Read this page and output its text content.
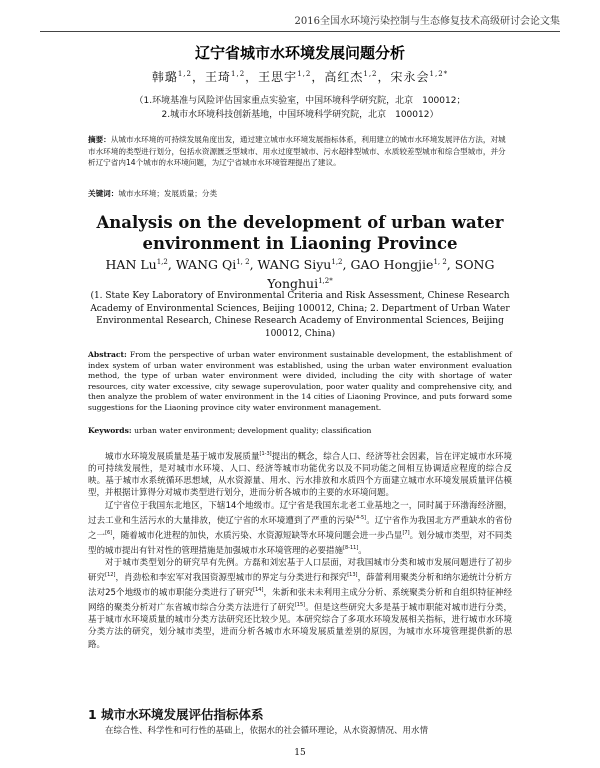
2016全国水环境污染控制与生态修复技术高级研讨会论文集
辽宁省城市水环境发展问题分析
韩璐$^{1,2}$，王琦$^{1,2}$，王思宇$^{1,2}$，高红杰$^{1,2}$，宋永会$^{1,2*}$
（1.环境基准与风险评估国家重点实验室，中国环境科学研究院，北京　100012；
2.城市水环境科技创新基地，中国环境科学研究院，北京　100012）
摘要：从城市水环境的可持续发展角度出发，通过建立城市水环境发展指标体系，利用建立的城市水环境发展评估方法，对城市水环境的类型进行划分，包括水资源匮乏型城市、用水过度型城市、污水超排型城市、水质较差型城市和综合型城市，并分析辽宁省内14个城市的水环境问题，为辽宁省城市水环境管理提出了建议。
关键词：城市水环境；发展质量；分类
Analysis on the development of urban water environment in Liaoning Province
HAN Lu$^{1,2}$, WANG Qi$^{1, 2}$, WANG Siyu$^{1,2}$, GAO Hongjie$^{1, 2}$, SONG Yonghui$^{1,2*}$
(1. State Key Laboratory of Environmental Criteria and Risk Assessment, Chinese Research Academy of Environmental Sciences, Beijing 100012, China; 2. Department of Urban Water Environmental Research, Chinese Research Academy of Environmental Sciences, Beijing 100012, China)
Abstract: From the perspective of urban water environment sustainable development, the establishment of index system of urban water environment was established, using the urban water environment evaluation method, the type of urban water environment were divided, including the city with shortage of water resources, city water excessive, city sewage superovulation, poor water quality and comprehensive city, and then analyze the problem of water environment in the 14 cities of Liaoning Province, and puts forward some suggestions for the Liaoning province city water environment management.
Keywords: urban water environment; development quality; classification

城市水环境发展质量是基于城市发展质量[1-3]提出的概念，综合人口、经济等社会因素，旨在评定城市水环境的可持续发展性，是对城市水环境、人口、经济等城市功能优劣以及不同功能之间相互协调适应程度的综合反映。基于城市水系统循环思想域，从水资源量、用水、污水排放和水质四个方面建立城市水环境发展质量评估模型，并根据计算得分对城市类型进行划分，进而分析各城市的主要的水环境问题。

辽宁省位于我国东北地区，下辖14个地级市。辽宁省是我国东北老工业基地之一，同时属于环渤海经济圈，过去工业和生活污水的大量排放，使辽宁省的水环境遭到了严重的污染[4-5]。辽宁省作为我国北方严重缺水的省份之一[6]，随着城市化进程的加快，水质污染、水资源短缺等水环境问题会进一步凸显[7]。划分城市类型，对不同类型的城市提出有针对性的管理措施是加强城市水环境管理的必要措施[8-11]。

对于城市类型划分的研究早有先例。方磊和刘宏基于人口层面，对我国城市分类和城市发展问题进行了初步研究[12]，肖劲松和李宏军对我国资源型城市的界定与分类进行和探究[13]，薛蕾利用聚类分析和纳尔逊统计分析方法对25个地级市的城市职能分类进行了研究[14]，朱新和张未未利用主成分分析、系统聚类分析和自组织特征神经网络的聚类分析对广东省城市综合分类方法进行了研究[15]。但是这些研究大多是基于城市职能对城市进行分类，基于城市水环境质量的城市分类方法研究还比较少见。本研究综合了多项水环境发展相关指标，进行城市水环境分类方法的研究，划分城市类型，进而分析各城市水环境发展质量差别的原因，为城市水环境管理提供新的思路。

1 城市水环境发展评估指标体系

在综合性、科学性和可行性的基础上，依据水的社会循环理论，从水资源情况、用水情

15
